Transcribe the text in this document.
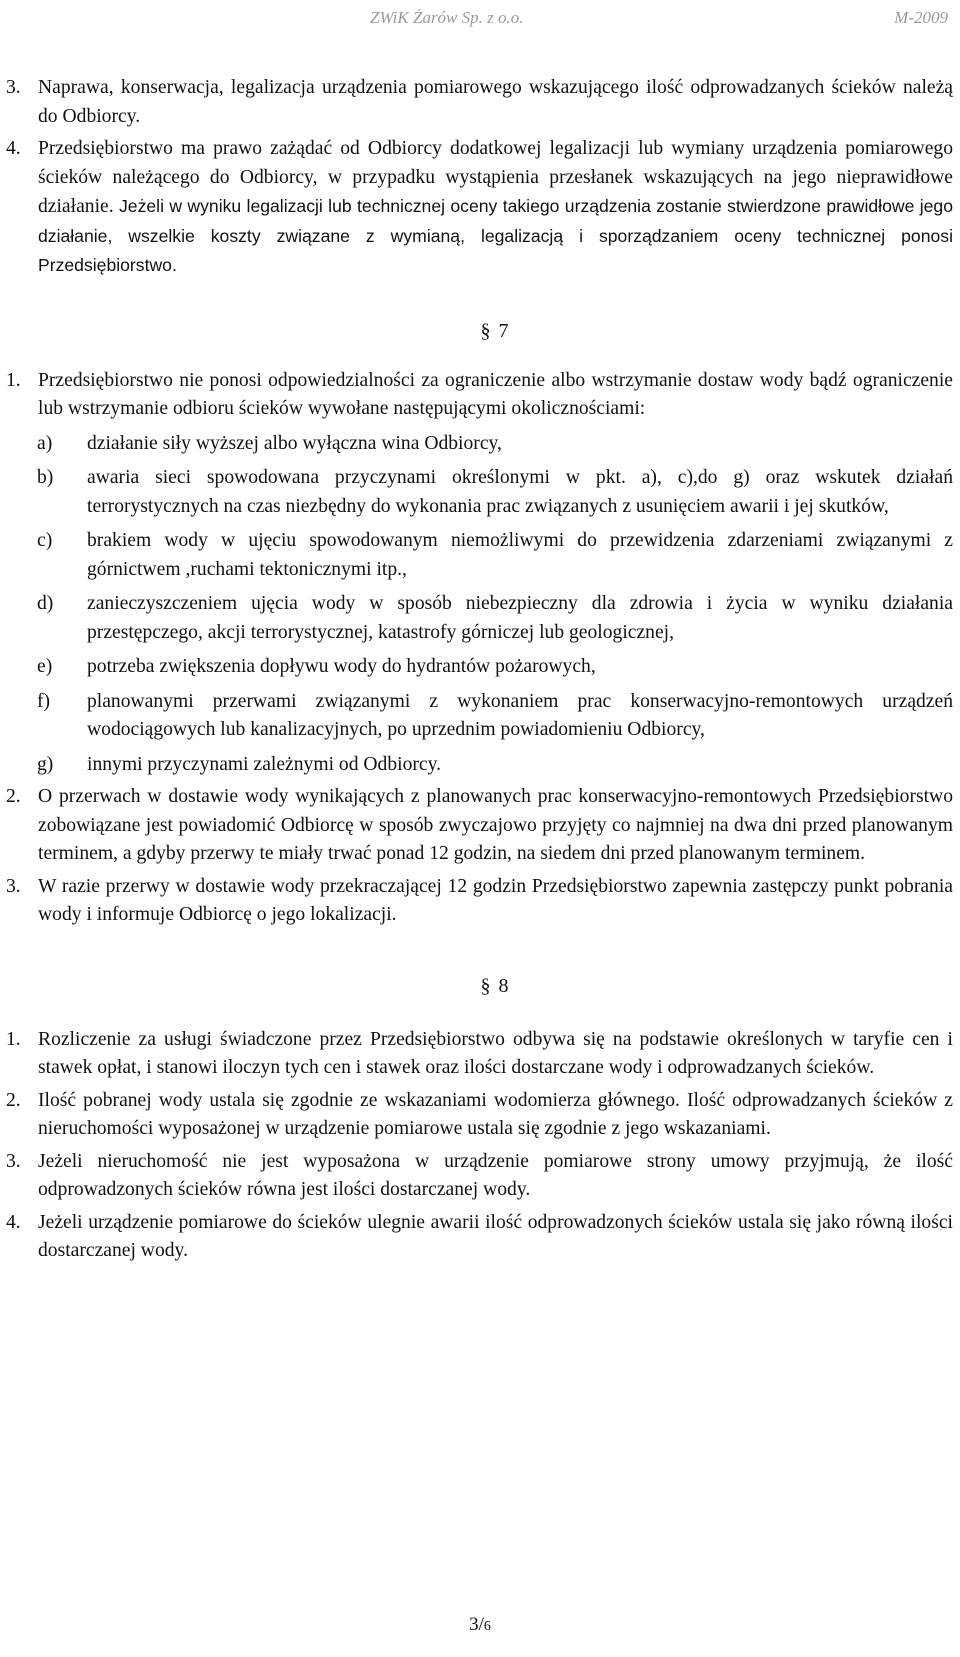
ZWiK Żarów Sp. z o.o.	M-2009
3. Naprawa, konserwacja, legalizacja urządzenia pomiarowego wskazującego ilość odprowadzanych ścieków należą do Odbiorcy.
4. Przedsiębiorstwo ma prawo zażądać od Odbiorcy dodatkowej legalizacji lub wymiany urządzenia pomiarowego ścieków należącego do Odbiorcy, w przypadku wystąpienia przesłanek wskazujących na jego nieprawidłowe działanie. Jeżeli w wyniku legalizacji lub technicznej oceny takiego urządzenia zostanie stwierdzone prawidłowe jego działanie, wszelkie koszty związane z wymianą, legalizacją i sporządzaniem oceny technicznej ponosi Przedsiębiorstwo.
§ 7
1. Przedsiębiorstwo nie ponosi odpowiedzialności za ograniczenie albo wstrzymanie dostaw wody bądź ograniczenie lub wstrzymanie odbioru ścieków wywołane następującymi okolicznościami:
a)	działanie siły wyższej albo wyłączna wina Odbiorcy,
b)	awaria sieci spowodowana przyczynami określonymi w pkt. a), c),do g) oraz wskutek działań terrorystycznych na czas niezbędny do wykonania prac związanych z usunięciem awarii i jej skutków,
c)	brakiem wody w ujęciu spowodowanym niemożliwymi do przewidzenia zdarzeniami związanymi z górnictwem ,ruchami tektonicznymi itp.,
d)	zanieczyszczeniem ujęcia wody w sposób niebezpieczny dla zdrowia i życia w wyniku działania przestępczego, akcji terrorystycznej, katastrofy górniczej lub geologicznej,
e)	potrzeba zwiększenia dopływu wody do hydrantów pożarowych,
f)	planowanymi przerwami związanymi z wykonaniem prac konserwacyjno-remontowych urządzeń wodociągowych lub kanalizacyjnych, po uprzednim powiadomieniu Odbiorcy,
g)	innymi przyczynami zależnymi od Odbiorcy.
2. O przerwach w dostawie wody wynikających z planowanych prac konserwacyjno-remontowych Przedsiębiorstwo zobowiązane jest powiadomić Odbiorcę w sposób zwyczajowo przyjęty co najmniej na dwa dni przed planowanym terminem, a gdyby przerwy te miały trwać ponad 12 godzin, na siedem dni przed planowanym terminem.
3. W razie przerwy w dostawie wody przekraczającej 12 godzin Przedsiębiorstwo zapewnia zastępczy punkt pobrania wody i informuje Odbiorcę o jego lokalizacji.
§ 8
1. Rozliczenie za usługi świadczone przez Przedsiębiorstwo odbywa się na podstawie określonych w taryfie cen i stawek opłat, i stanowi iloczyn tych cen i stawek oraz ilości dostarczane wody i odprowadzanych ścieków.
2. Ilość pobranej wody ustala się zgodnie ze wskazaniami wodomierza głównego. Ilość odprowadzanych ścieków z nieruchomości wyposażonej w urządzenie pomiarowe ustala się zgodnie z jego wskazaniami.
3. Jeżeli nieruchomość nie jest wyposażona w urządzenie pomiarowe strony umowy przyjmują, że ilość odprowadzonych ścieków równa jest ilości dostarczanej wody.
4. Jeżeli urządzenie pomiarowe do ścieków ulegnie awarii ilość odprowadzonych ścieków ustala się jako równą ilości dostarczanej wody.
3/6
